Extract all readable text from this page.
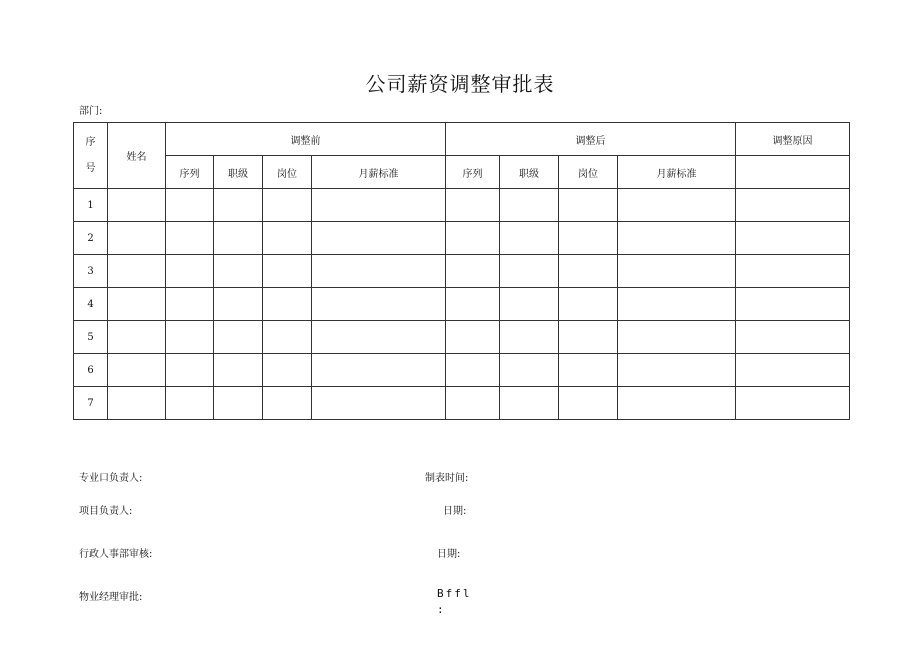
公司薪资调整审批表
部门:
序
号	姓名	调整前				调整后				调整原因
		序列	职级	岗位	月薪标准	序列	职级	岗位	月薪标准	
1										
2										
3										
4										
5										
6										
7										
专业口负责人:	制表时间:
项目负责人:	日期:
行政人事部审核:	日期:
物业经理审批:	Bffl
:
